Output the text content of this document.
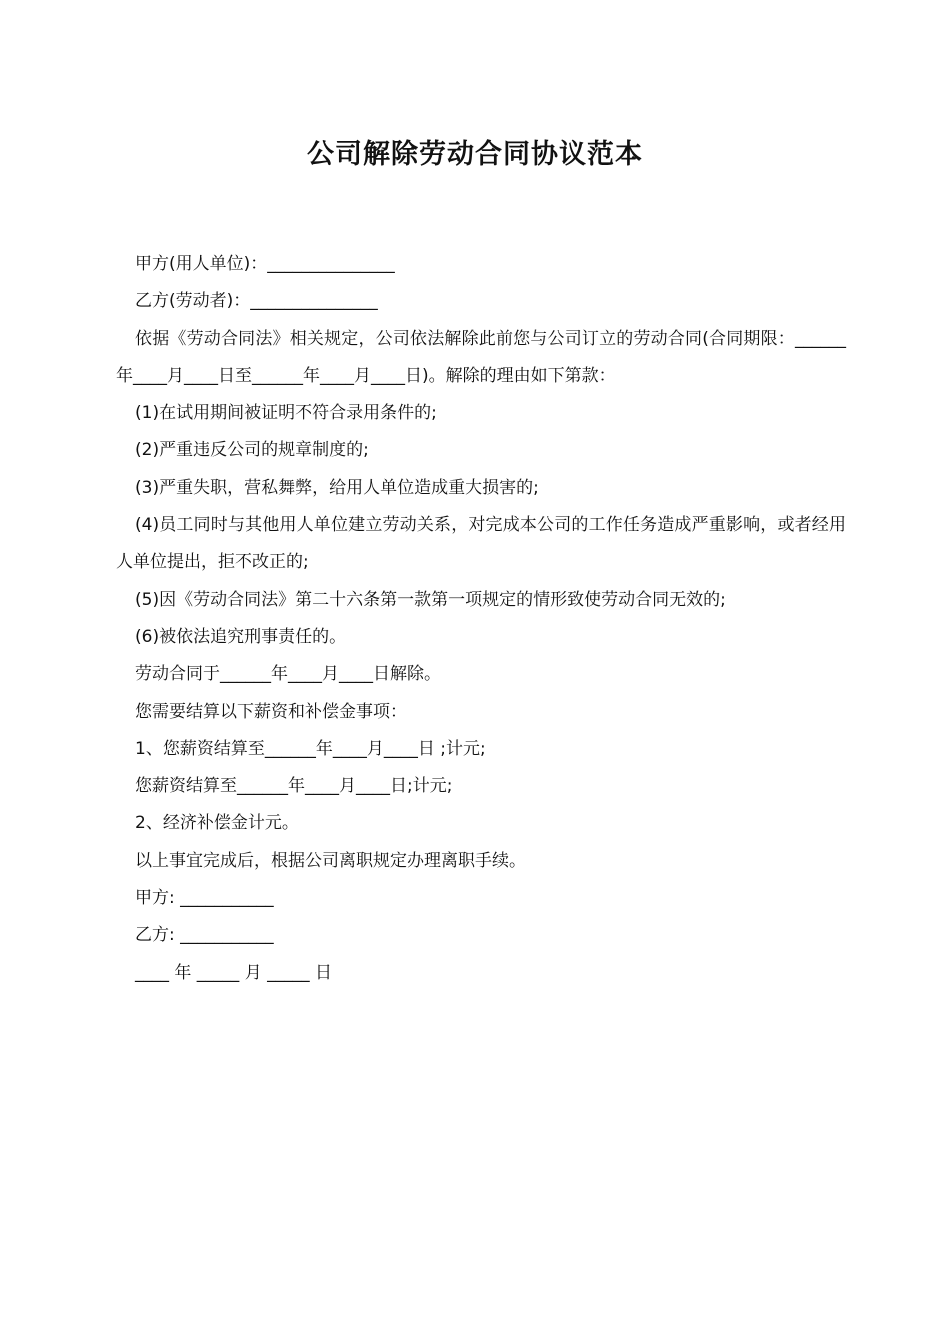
公司解除劳动合同协议范本

甲方(用人单位)：_______________

乙方(劳动者)：_______________

依据《劳动合同法》相关规定，公司依法解除此前您与公司订立的劳动合同(合同期限：______年____月____日至______年____月____日)。解除的理由如下第款：

(1)在试用期间被证明不符合录用条件的;

(2)严重违反公司的规章制度的;

(3)严重失职，营私舞弊，给用人单位造成重大损害的;

(4)员工同时与其他用人单位建立劳动关系，对完成本公司的工作任务造成严重影响，或者经用人单位提出，拒不改正的;

(5)因《劳动合同法》第二十六条第一款第一项规定的情形致使劳动合同无效的;

(6)被依法追究刑事责任的。

劳动合同于______年____月____日解除。

您需要结算以下薪资和补偿金事项：

1、您薪资结算至______年____月____日 ;计元;

您薪资结算至______年____月____日;计元;

2、经济补偿金计元。

以上事宜完成后，根据公司离职规定办理离职手续。

甲方: ___________

乙方: ___________

____ 年 _____ 月 _____ 日
